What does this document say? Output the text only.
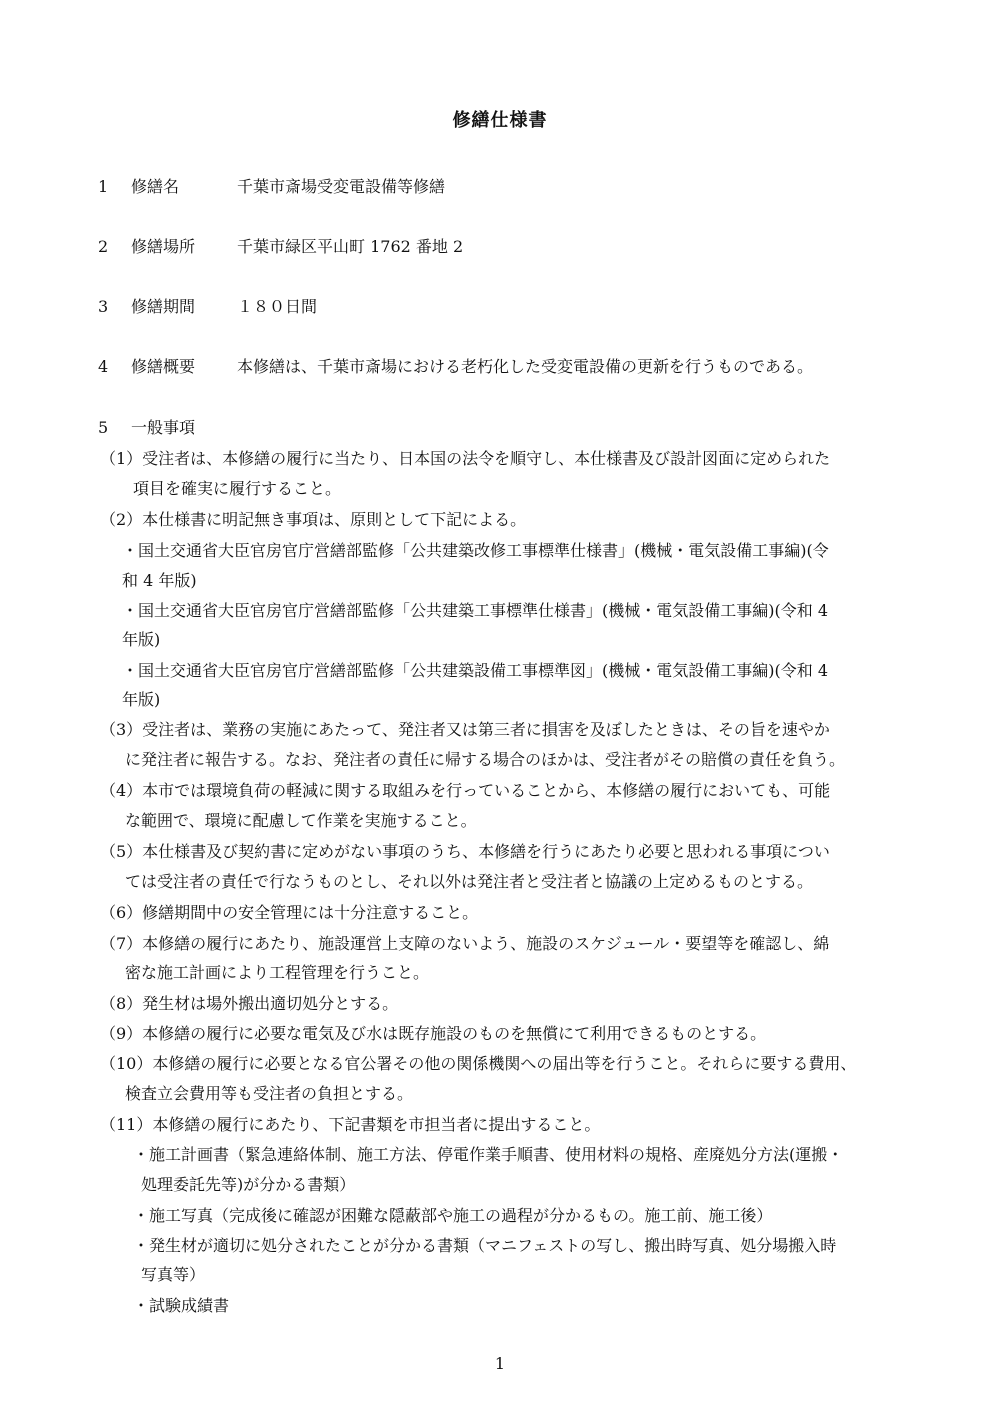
修繕仕様書
1 修繕名	千葉市斎場受変電設備等修繕
2 修繕場所	千葉市緑区平山町 1762 番地 2
3 修繕期間	１８０日間
4 修繕概要	本修繕は、千葉市斎場における老朽化した受変電設備の更新を行うものである。
5 一般事項
（1）受注者は、本修繕の履行に当たり、日本国の法令を順守し、本仕様書及び設計図面に定められた
項目を確実に履行すること。
（2）本仕様書に明記無き事項は、原則として下記による。
・国土交通省大臣官房官庁営繕部監修「公共建築改修工事標準仕様書」(機械・電気設備工事編)(令
和 4 年版)
・国土交通省大臣官房官庁営繕部監修「公共建築工事標準仕様書」(機械・電気設備工事編)(令和 4
年版)
・国土交通省大臣官房官庁営繕部監修「公共建築設備工事標準図」(機械・電気設備工事編)(令和 4
年版)
（3）受注者は、業務の実施にあたって、発注者又は第三者に損害を及ぼしたときは、その旨を速やか
に発注者に報告する。なお、発注者の責任に帰する場合のほかは、受注者がその賠償の責任を負う。
（4）本市では環境負荷の軽減に関する取組みを行っていることから、本修繕の履行においても、可能
な範囲で、環境に配慮して作業を実施すること。
（5）本仕様書及び契約書に定めがない事項のうち、本修繕を行うにあたり必要と思われる事項につい
ては受注者の責任で行なうものとし、それ以外は発注者と受注者と協議の上定めるものとする。
（6）修繕期間中の安全管理には十分注意すること。
（7）本修繕の履行にあたり、施設運営上支障のないよう、施設のスケジュール・要望等を確認し、綿
密な施工計画により工程管理を行うこと。
（8）発生材は場外搬出適切処分とする。
（9）本修繕の履行に必要な電気及び水は既存施設のものを無償にて利用できるものとする。
（10）本修繕の履行に必要となる官公署その他の関係機関への届出等を行うこと。それらに要する費用、
検査立会費用等も受注者の負担とする。
（11）本修繕の履行にあたり、下記書類を市担当者に提出すること。
・施工計画書（緊急連絡体制、施工方法、停電作業手順書、使用材料の規格、産廃処分方法(運搬・
処理委託先等)が分かる書類）
・施工写真（完成後に確認が困難な隠蔽部や施工の過程が分かるもの。施工前、施工後）
・発生材が適切に処分されたことが分かる書類（マニフェストの写し、搬出時写真、処分場搬入時
写真等）
・試験成績書
1
